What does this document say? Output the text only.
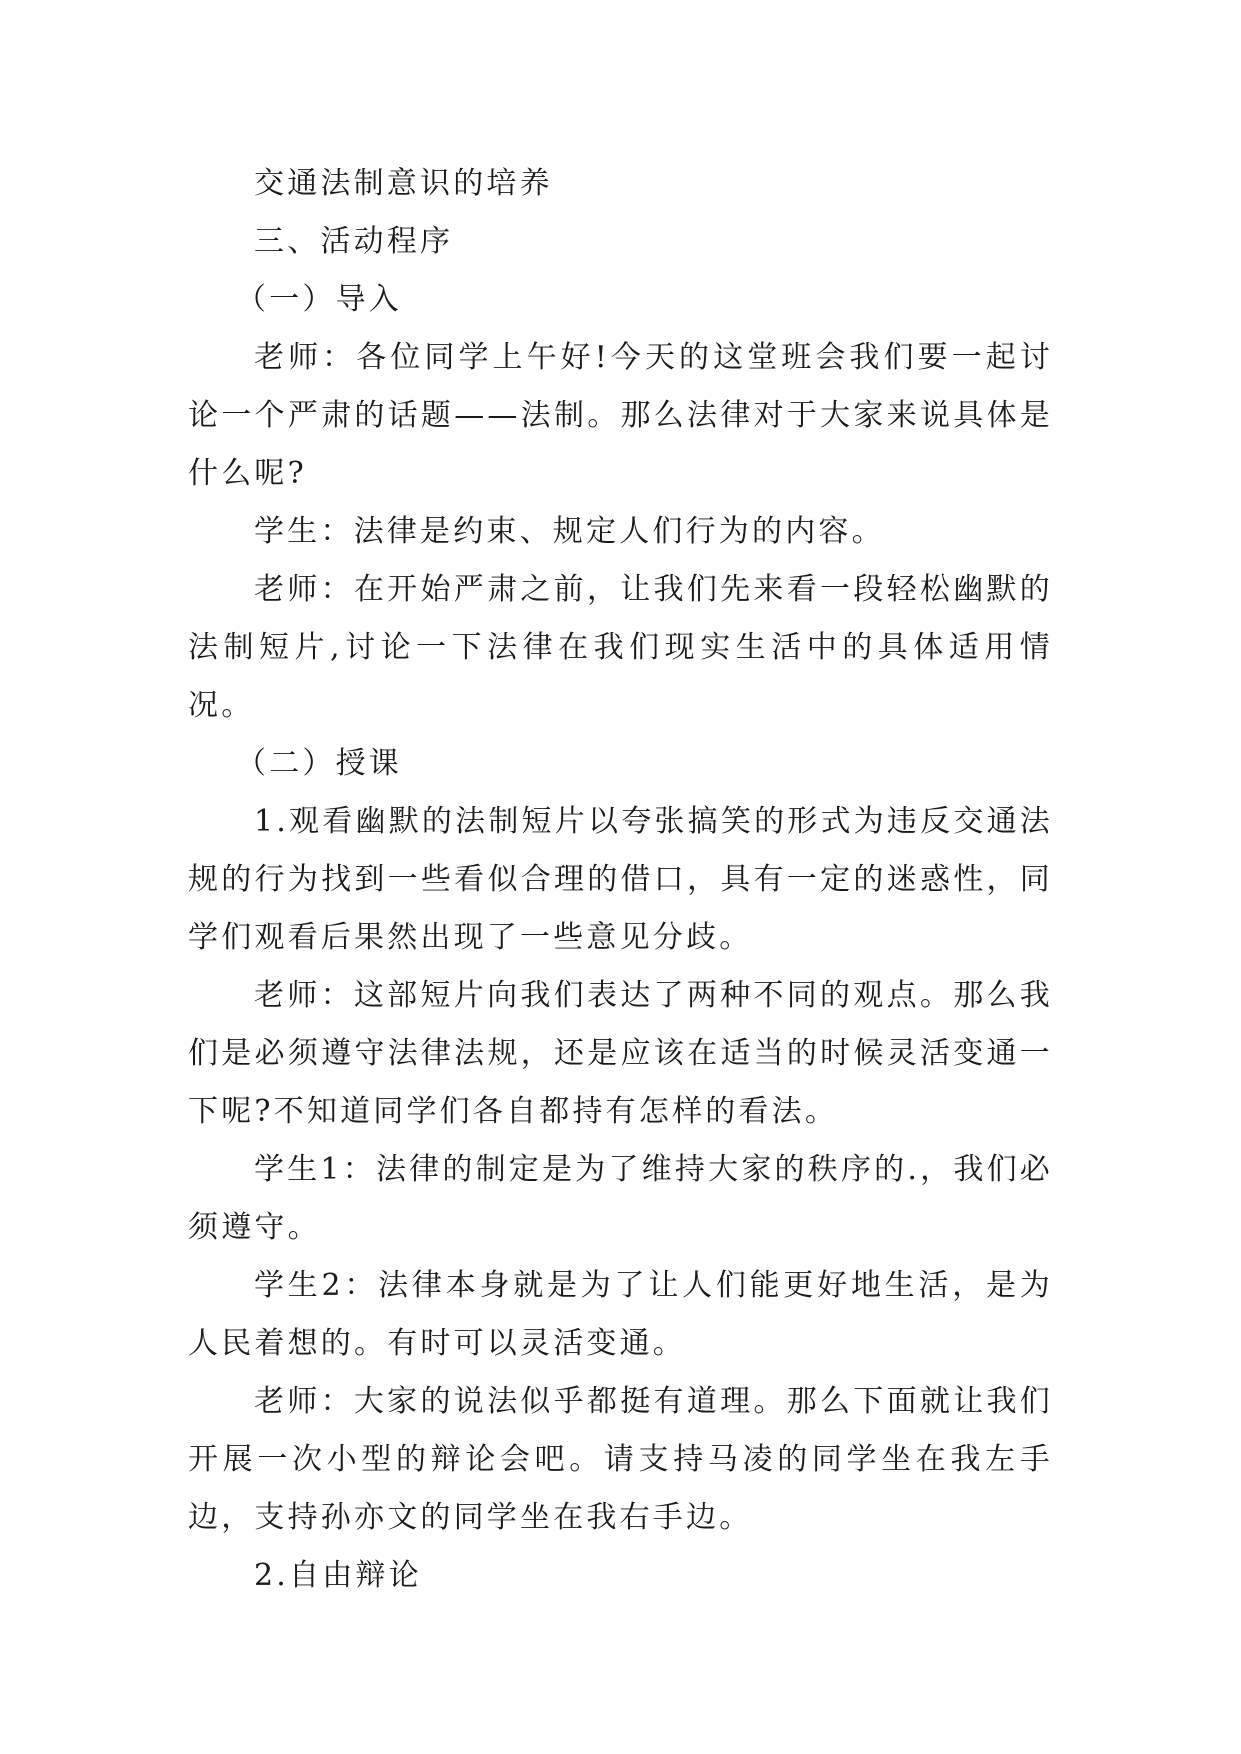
交通法制意识的培养

三、活动程序

（一）导入

老师：各位同学上午好!今天的这堂班会我们要一起讨论一个严肃的话题——法制。那么法律对于大家来说具体是什么呢?

学生：法律是约束、规定人们行为的内容。

老师：在开始严肃之前，让我们先来看一段轻松幽默的法制短片,讨论一下法律在我们现实生活中的具体适用情况。

（二）授课

1.观看幽默的法制短片以夸张搞笑的形式为违反交通法规的行为找到一些看似合理的借口，具有一定的迷惑性，同学们观看后果然出现了一些意见分歧。

老师：这部短片向我们表达了两种不同的观点。那么我们是必须遵守法律法规，还是应该在适当的时候灵活变通一下呢?不知道同学们各自都持有怎样的看法。

学生1：法律的制定是为了维持大家的秩序的.，我们必须遵守。

学生2：法律本身就是为了让人们能更好地生活，是为人民着想的。有时可以灵活变通。

老师：大家的说法似乎都挺有道理。那么下面就让我们开展一次小型的辩论会吧。请支持马凌的同学坐在我左手边，支持孙亦文的同学坐在我右手边。

2.自由辩论
